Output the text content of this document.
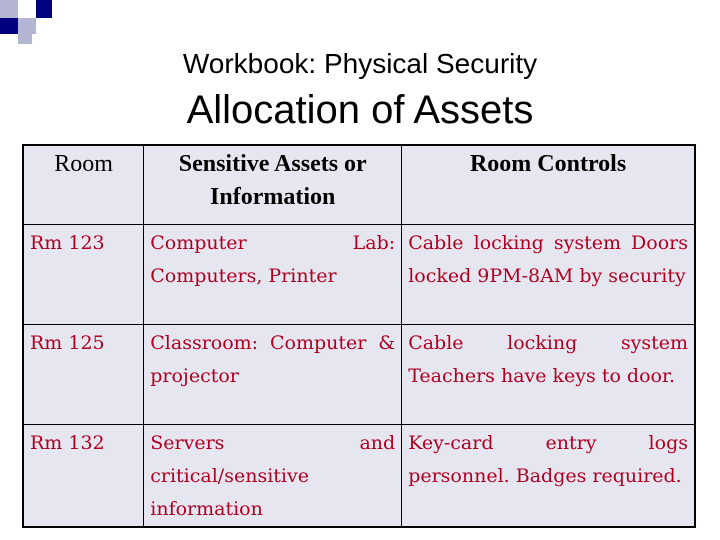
Workbook: Physical Security
Allocation of Assets
Room	Sensitive Assets or Information	Room Controls

Rm 123	Computer Lab: Computers, Printer	Cable locking system Doors locked 9PM-8AM by security

Rm 125	Classroom: Computer & projector	Cable locking system Teachers have keys to door.

Rm 132	Servers and critical/sensitive information	Key-card entry logs personnel. Badges required.
